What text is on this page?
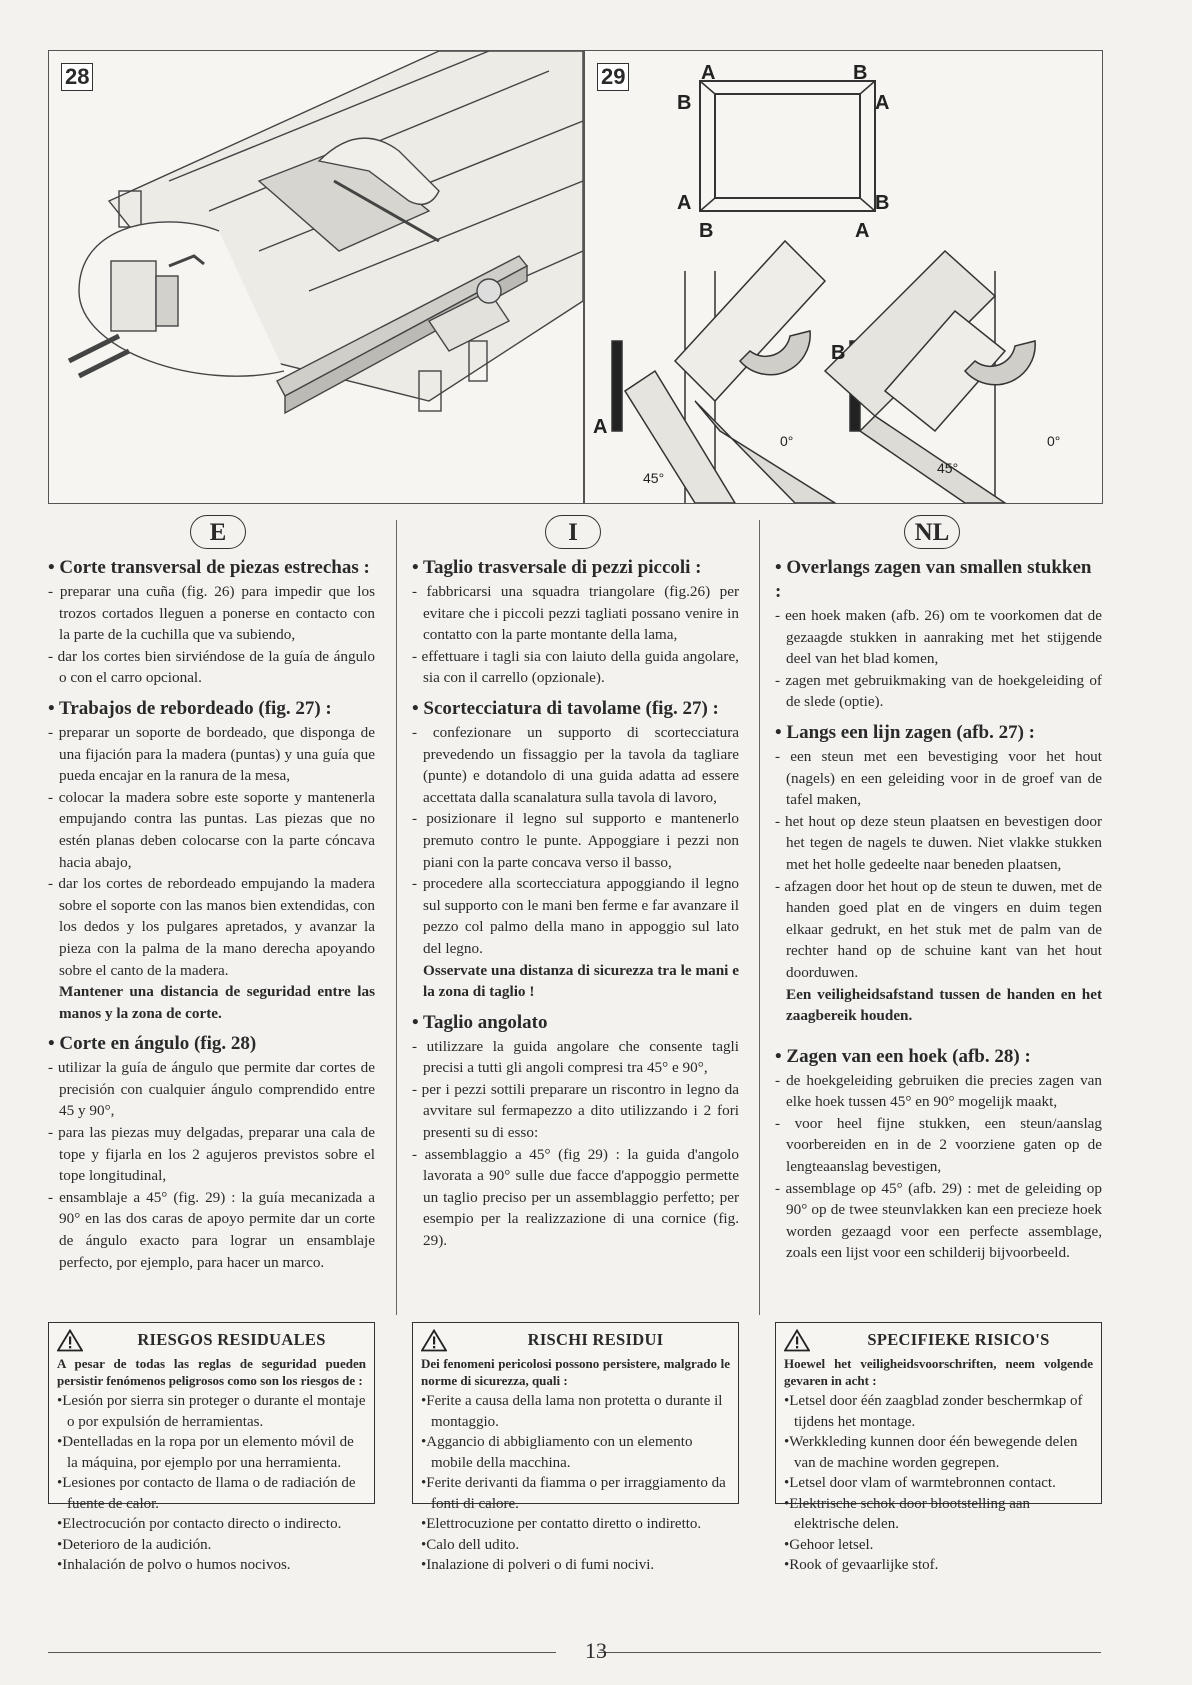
28	A
B
B
A
A
B
B
A
A
B
45°
0°
45°
0°
29
E	I	NL
• Corte transversal de piezas estrechas :
- preparar una cuña (fig. 26) para impedir que los trozos cortados lleguen a ponerse en contacto con la parte de la cuchilla que va subiendo,
- dar los cortes bien sirviéndose de la guía de ángulo o con el carro opcional.
• Trabajos de rebordeado (fig. 27) :
- preparar un soporte de bordeado, que disponga de una fijación para la madera (puntas) y una guía que pueda encajar en la ranura de la mesa,
- colocar la madera sobre este soporte y mantenerla empujando contra las puntas. Las piezas que no estén planas deben colocarse con la parte cóncava hacia abajo,
- dar los cortes de rebordeado empujando la madera sobre el soporte con las manos bien extendidas, con los dedos y los pulgares apretados, y avanzar la pieza con la palma de la mano derecha apoyando sobre el canto de la madera.

Mantener una distancia de seguridad entre las manos y la zona de corte.

• Corte en ángulo (fig. 28)
- utilizar la guía de ángulo que permite dar cortes de precisión con cualquier ángulo comprendido entre 45 y 90°,
- para las piezas muy delgadas, preparar una cala de tope y fijarla en los 2 agujeros previstos sobre el tope longitudinal,
- ensamblaje a 45° (fig. 29) : la guía mecanizada a 90° en las dos caras de apoyo permite dar un corte de ángulo exacto para lograr un ensamblaje perfecto, por ejemplo, para hacer un marco.
• Taglio trasversale di pezzi piccoli :
- fabbricarsi una squadra triangolare (fig.26) per evitare che i piccoli pezzi tagliati possano venire in contatto con la parte montante della lama,
- effettuare i tagli sia con laiuto della guida angolare, sia con il carrello (opzionale).
• Scortecciatura di tavolame (fig. 27) :
- confezionare un supporto di scortecciatura prevedendo un fissaggio per la tavola da tagliare (punte) e dotandolo di una guida adatta ad essere accettata dalla scanalatura sulla tavola di lavoro,
- posizionare il legno sul supporto e mantenerlo premuto contro le punte. Appoggiare i pezzi non piani con la parte concava verso il basso,
- procedere alla scortecciatura appoggiando il legno sul supporto con le mani ben ferme e far avanzare il pezzo col palmo della mano in appoggio sul lato del legno.

Osservate una distanza di sicurezza tra le mani e la zona di taglio !

• Taglio angolato
- utilizzare la guida angolare che consente tagli precisi a tutti gli angoli compresi tra 45° e 90°,
- per i pezzi sottili preparare un riscontro in legno da avvitare sul fermapezzo a dito utilizzando i 2 fori presenti su di esso:
- assemblaggio a 45° (fig 29) : la guida d'angolo lavorata a 90° sulle due facce d'appoggio permette un taglio preciso per un assemblaggio perfetto; per esempio per la realizzazione di una cornice (fig. 29).
• Overlangs zagen van smallen stukken :
- een hoek maken (afb. 26) om te voorkomen dat de gezaagde stukken in aanraking met het stijgende deel van het blad komen,
- zagen met gebruikmaking van de hoekgeleiding of de slede (optie).
• Langs een lijn zagen (afb. 27) :
- een steun met een bevestiging voor het hout (nagels) en een geleiding voor in de groef van de tafel maken,
- het hout op deze steun plaatsen en bevestigen door het tegen de nagels te duwen. Niet vlakke stukken met het holle gedeelte naar beneden plaatsen,
- afzagen door het hout op de steun te duwen, met de handen goed plat en de vingers en duim tegen elkaar gedrukt, en het stuk met de palm van de rechter hand op de schuine kant van het hout doorduwen.

Een veiligheidsafstand tussen de handen en het zaagbereik houden.

• Zagen van een hoek (afb. 28) :
- de hoekgeleiding gebruiken die precies zagen van elke hoek tussen 45° en 90° mogelijk maakt,
- voor heel fijne stukken, een steun/aanslag voorbereiden en in de 2 voorziene gaten op de lengteaanslag bevestigen,
- assemblage op 45° (afb. 29) : met de geleiding op 90° op de twee steunvlakken kan een precieze hoek worden gezaagd voor een perfecte assemblage, zoals een lijst voor een schilderij bijvoorbeeld.
RIESGOS RESIDUALES
A pesar de todas las reglas de seguridad pueden persistir fenómenos peligrosos como son los riesgos de :
• Lesión por sierra sin proteger o durante el montaje o por expulsión de herramientas.
• Dentelladas en la ropa por un elemento móvil de la máquina, por ejemplo por una herramienta.
• Lesiones por contacto de llama o de radiación de fuente de calor.
• Electrocución por contacto directo o indirecto.
• Deterioro de la audición.
• Inhalación de polvo o humos nocivos.
RISCHI RESIDUI
Dei fenomeni pericolosi possono persistere, malgrado le norme di sicurezza, quali :
• Ferite a causa della lama non protetta o durante il montaggio.
• Aggancio di abbigliamento con un elemento mobile della macchina.
• Ferite derivanti da fiamma o per irraggiamento da fonti di calore.
• Elettrocuzione per contatto diretto o indiretto.
• Calo dell udito.
• Inalazione di polveri o di fumi nocivi.
SPECIFIEKE RISICO'S
Hoewel het veiligheidsvoorschriften, neem volgende gevaren in acht :
• Letsel door één zaagblad zonder beschermkap of tijdens het montage.
• Werkkleding kunnen door één bewegende delen van de machine worden gegrepen.
• Letsel door vlam of warmtebronnen contact.
• Elektrische schok door blootstelling aan elektrische delen.
• Gehoor letsel.
• Rook of gevaarlijke stof.
13
